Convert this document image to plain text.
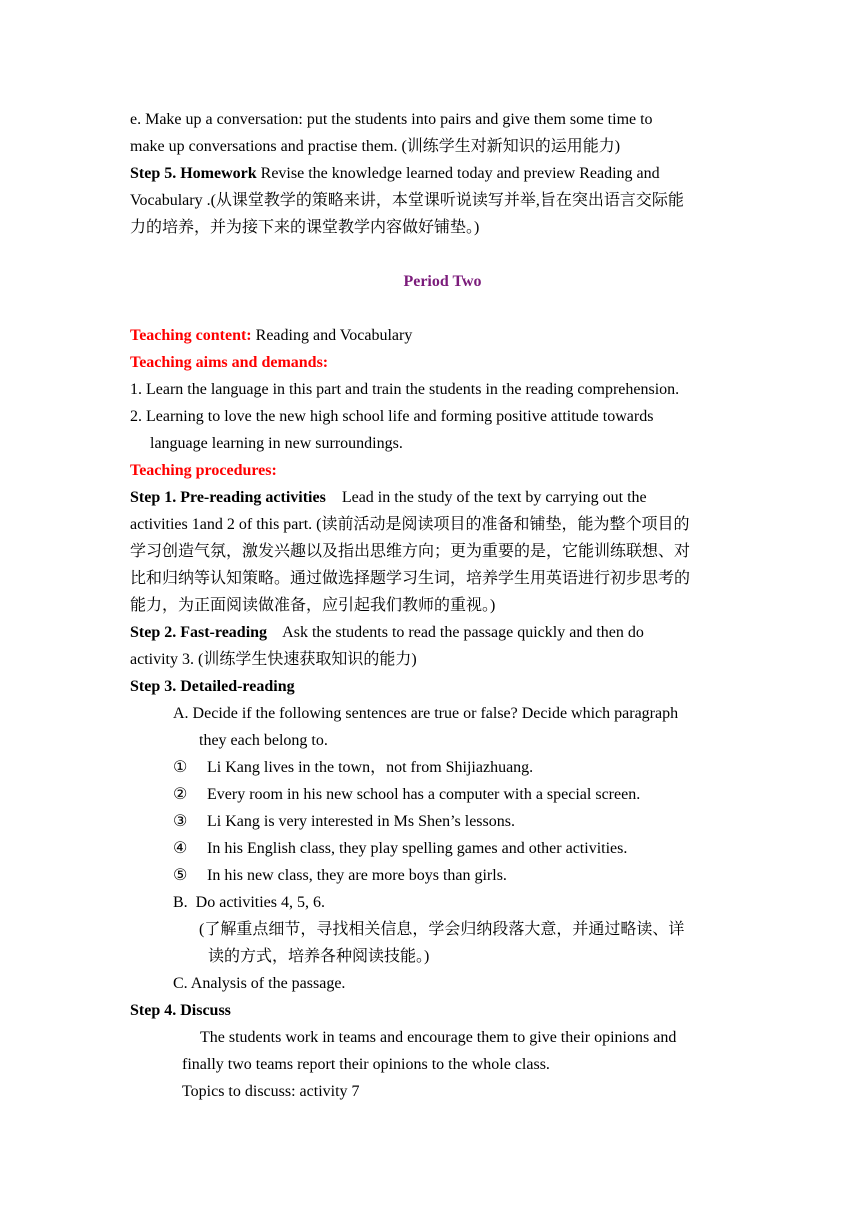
e. Make up a conversation: put the students into pairs and give them some time to
make up conversations and practise them. (训练学生对新知识的运用能力)
Step 5. Homework Revise the knowledge learned today and preview Reading and
Vocabulary .(从课堂教学的策略来讲，本堂课听说读写并举,旨在突出语言交际能
力的培养，并为接下来的课堂教学内容做好铺垫。)
Period Two
Teaching content: Reading and Vocabulary
Teaching aims and demands:
1. Learn the language in this part and train the students in the reading comprehension.
2. Learning to love the new high school life and forming positive attitude towards
language learning in new surroundings.
Teaching procedures:
Step 1. Pre-reading activities    Lead in the study of the text by carrying out the
activities 1and 2 of this part. (读前活动是阅读项目的准备和铺垫，能为整个项目的
学习创造气氛，激发兴趣以及指出思维方向；更为重要的是，它能训练联想、对
比和归纳等认知策略。通过做选择题学习生词，培养学生用英语进行初步思考的
能力，为正面阅读做准备，应引起我们教师的重视。)
Step 2. Fast-reading    Ask the students to read the passage quickly and then do
activity 3. (训练学生快速获取知识的能力)
Step 3. Detailed-reading
A. Decide if the following sentences are true or false? Decide which paragraph
they each belong to.
① Li Kang lives in the town，not from Shijiazhuang.
② Every room in his new school has a computer with a special screen.
③ Li Kang is very interested in Ms Shen’s lessons.
④ In his English class, they play spelling games and other activities.
⑤ In his new class, they are more boys than girls.
B.  Do activities 4, 5, 6.
(了解重点细节，寻找相关信息，学会归纳段落大意，并通过略读、详
读的方式，培养各种阅读技能。)
C. Analysis of the passage.
Step 4. Discuss
The students work in teams and encourage them to give their opinions and
finally two teams report their opinions to the whole class.
Topics to discuss: activity 7
